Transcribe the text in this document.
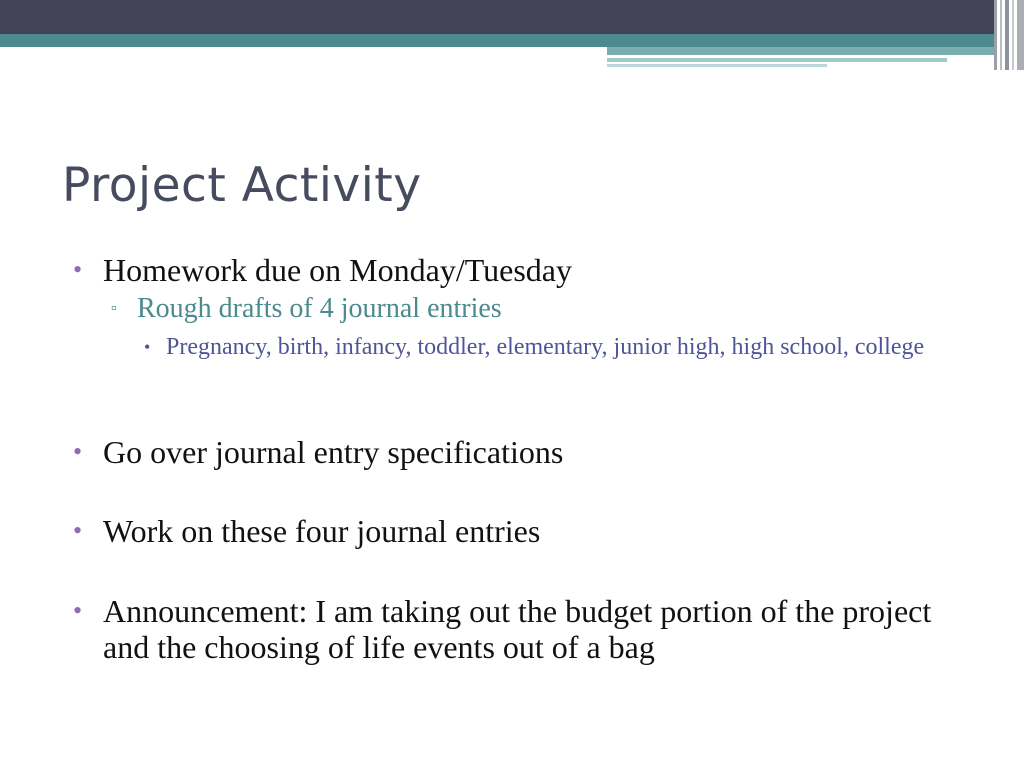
Project Activity
• Homework due on Monday/Tuesday
▫ Rough drafts of 4 journal entries
• Pregnancy, birth, infancy, toddler, elementary, junior high, high school, college
• Go over journal entry specifications
• Work on these four journal entries
• Announcement: I am taking out the budget portion of the project and the choosing of life events out of a bag
